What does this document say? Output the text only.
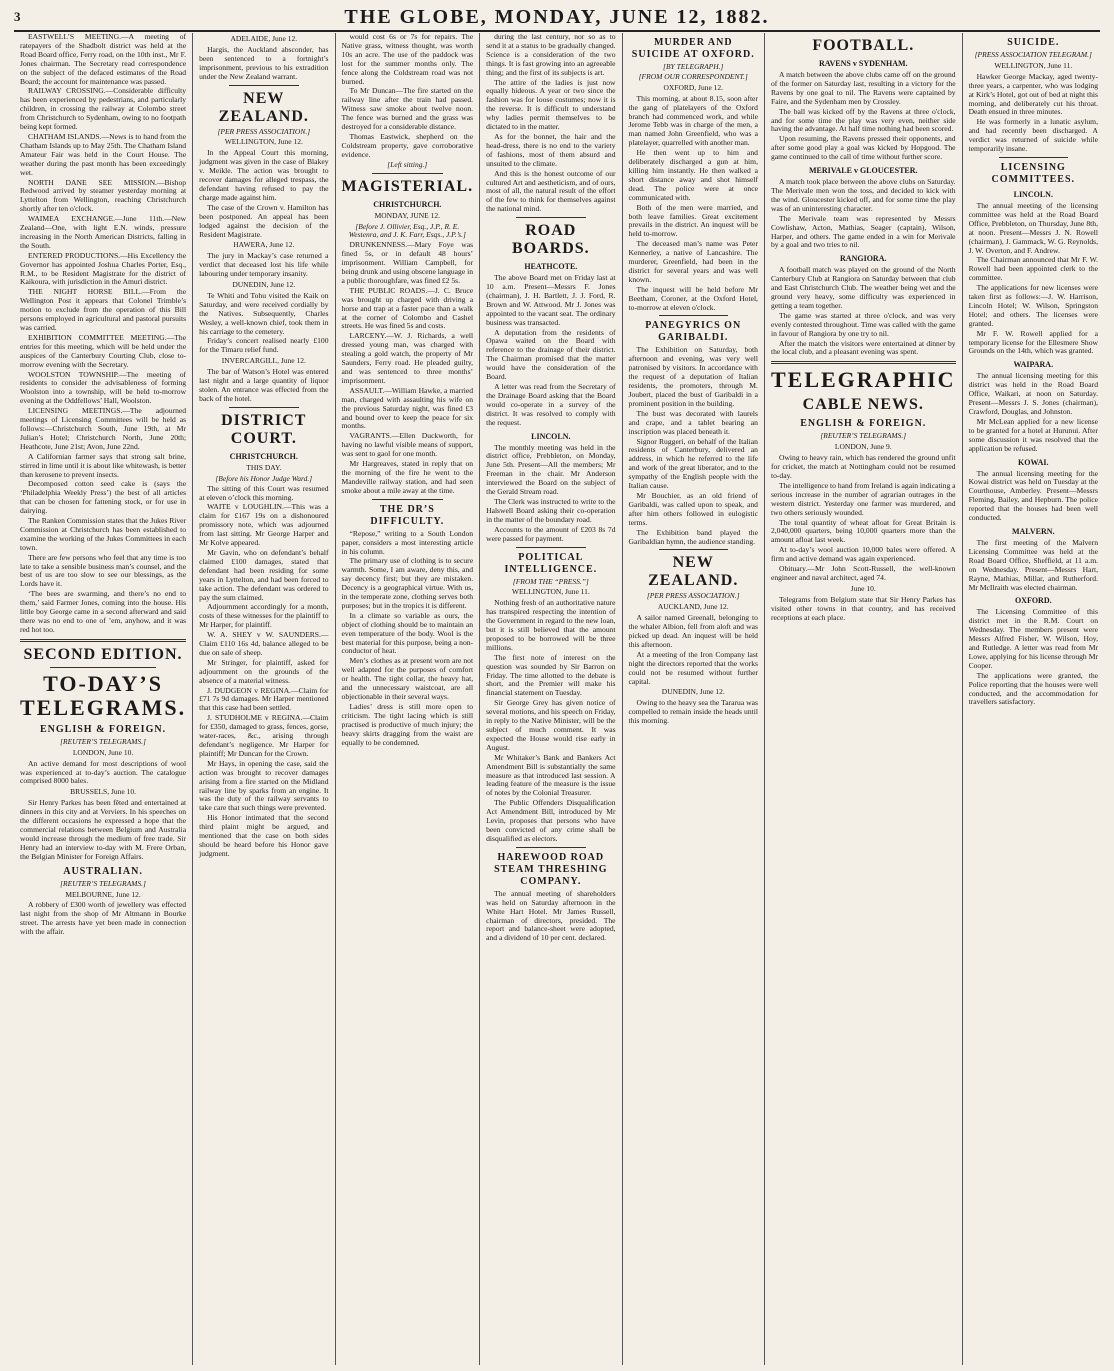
3	THE GLOBE, MONDAY, JUNE 12, 1882.

EASTWELL’S MEETING.—A meeting of ratepayers of the Shadbolt district was held at the Road Board office, Ferry road, on the 10th inst., Mr F. Jones chairman. The Secretary read correspondence on the subject of the defaced estimates of the Road Board; the account for maintenance was passed.

RAILWAY CROSSING.—Considerable difficulty has been experienced by pedestrians, and particularly children, in crossing the railway at Colombo street from Christchurch to Sydenham, owing to no footpath being kept formed.

CHATHAM ISLANDS.—News is to hand from the Chatham Islands up to May 25th. The Chatham Island Amateur Fair was held in the Court House. The weather during the past month has been exceedingly wet.

NORTH DANE SEE MISSION.—Bishop Redwood arrived by steamer yesterday morning at Lyttelton from Wellington, reaching Christchurch shortly after ten o'clock.

WAIMEA EXCHANGE.—June 11th.—New Zealand—One, with light E.N. winds, pressure increasing in the North American Districts, falling in the South.

ENTERED PRODUCTIONS.—His Excellency the Governor has appointed Joshua Charles Porter, Esq., R.M., to be Resident Magistrate for the district of Kaikoura, with jurisdiction in the Amuri district.

THE NIGHT HORSE BILL.—From the Wellington Post it appears that Colonel Trimble’s motion to exclude from the operation of this Bill persons employed in agricultural and pastoral pursuits was carried.

EXHIBITION COMMITTEE MEETING.—The entries for this meeting, which will be held under the auspices of the Canterbury Courting Club, close to-morrow evening with the Secretary.

WOOLSTON TOWNSHIP.—The meeting of residents to consider the advisableness of forming Woolston into a township, will be held to-morrow evening at the Oddfellows’ Hall, Woolston.

LICENSING MEETINGS.—The adjourned meetings of Licensing Committees will be held as follows:—Christchurch South, June 19th, at Mr Julian’s Hotel; Christchurch North, June 20th; Heathcote, June 21st; Avon, June 22nd.

A Californian farmer says that strong salt brine, stirred in lime until it is about like whitewash, is better than kerosene to prevent insects.

Decomposed cotton seed cake is (says the ‘Philadelphia Weekly Press’) the best of all articles that can be chosen for fattening stock, or for use in dairying.

The Ranken Commission states that the Jukes River Commission at Christchurch has been established to examine the working of the Jukes Committees in each town.

There are few persons who feel that any time is too late to take a sensible business man’s counsel, and the best of us are too slow to see our blessings, as the Lords have it.

‘The bees are swarming, and there’s no end to them,’ said Farmer Jones, coming into the house. His little boy George came in a second afterward and said there was no end to one of ’em, anyhow, and it was red hot too.

SECOND EDITION.
TO-DAY’S TELEGRAMS.
ENGLISH & FOREIGN.
[REUTER’S TELEGRAMS.]
LONDON, June 10.

An active demand for most descriptions of wool was experienced at to-day’s auction. The catalogue comprised 8000 bales.

BRUSSELS, June 10.

Sir Henry Parkes has been fêted and entertained at dinners in this city and at Verviers. In his speeches on the different occasions he expressed a hope that the commercial relations between Belgium and Australia would increase through the medium of free trade. Sir Henry had an interview to-day with M. Frere Orban, the Belgian Minister for Foreign Affairs.

AUSTRALIAN.
[REUTER’S TELEGRAMS.]
MELBOURNE, June 12.

A robbery of £300 worth of jewellery was effected last night from the shop of Mr Altmann in Bourke street. The arrests have yet been made in connection with the affair.

ADELAIDE, June 12.

Hargis, the Auckland absconder, has been sentenced to a fortnight’s imprisonment, previous to his extradition under the New Zealand warrant.

NEW ZEALAND.
[PER PRESS ASSOCIATION.]
WELLINGTON, June 12.

In the Appeal Court this morning, judgment was given in the case of Blakey v. Meikle. The action was brought to recover damages for alleged trespass, the defendant having refused to pay the charge made against him.

The case of the Crown v. Hamilton has been postponed. An appeal has been lodged against the decision of the Resident Magistrate.

HAWERA, June 12.

The jury in Mackay’s case returned a verdict that deceased lost his life while labouring under temporary insanity.

DUNEDIN, June 12.

Te Whiti and Tohu visited the Kaik on Saturday, and were received cordially by the Natives. Subsequently, Charles Wesley, a well-known chief, took them in his carriage to the cemetery.

Friday’s concert realised nearly £100 for the Timaru relief fund.

INVERCARGILL, June 12.

The bar of Watson’s Hotel was entered last night and a large quantity of liquor stolen. An entrance was effected from the back of the hotel.

DISTRICT COURT.
CHRISTCHURCH.
THIS DAY.
[Before his Honor Judge Ward.]

The sitting of this Court was resumed at eleven o’clock this morning.

WAITE v LOUGHLIN.—This was a claim for £167 19s on a dishonoured promissory note, which was adjourned from last sitting. Mr George Harper and Mr Kolve appeared.

Mr Gavin, who on defendant’s behalf claimed £100 damages, stated that defendant had been residing for some years in Lyttelton, and had been forced to take action. The defendant was ordered to pay the sum claimed.

Adjournment accordingly for a month, costs of these witnesses for the plaintiff to Mr Harper, for plaintiff.

W. A. SHEY v W. SAUNDERS.—Claim £110 16s 4d, balance alleged to be due on sale of sheep.

Mr Stringer, for plaintiff, asked for adjournment on the grounds of the absence of a material witness.

J. DUDGEON v REGINA.—Claim for £71 7s 9d damages. Mr Harper mentioned that this case had been settled.

J. STUDHOLME v REGINA.—Claim for £350, damaged to grass, fences, gorse, water-races, &c., arising through defendant’s negligence. Mr Harper for plaintiff; Mr Duncan for the Crown.

Mr Hays, in opening the case, said the action was brought to recover damages arising from a fire started on the Midland railway line by sparks from an engine. It was the duty of the railway servants to take care that such things were prevented.

His Honor intimated that the second third plaint might be argued, and mentioned that the case on both sides should be heard before his Honor gave judgment.

would cost 6s or 7s for repairs. The Native grass, witness thought, was worth 10s an acre. The use of the paddock was lost for the summer months only. The fence along the Coldstream road was not burned.

To Mr Duncan—The fire started on the railway line after the train had passed. Witness saw smoke about twelve noon. The fence was burned and the grass was destroyed for a considerable distance.

Thomas Eastwick, shepherd on the Coldstream property, gave corroborative evidence.

[Left sitting.]
MAGISTERIAL.
CHRISTCHURCH.
MONDAY, JUNE 12.
[Before J. Ollivier, Esq., J.P., R. E. Westenra, and J. K. Farr, Esqs., J.P.’s.]

DRUNKENNESS.—Mary Foye was fined 5s, or in default 48 hours’ imprisonment. William Campbell, for being drunk and using obscene language in a public thoroughfare, was fined £2 5s.

THE PUBLIC ROADS.—J. C. Bruce was brought up charged with driving a horse and trap at a faster pace than a walk at the corner of Colombo and Cashel streets. He was fined 5s and costs.

LARCENY.—W. J. Richards, a well dressed young man, was charged with stealing a gold watch, the property of Mr Saunders, Ferry road. He pleaded guilty, and was sentenced to three months’ imprisonment.

ASSAULT.—William Hawke, a married man, charged with assaulting his wife on the previous Saturday night, was fined £3 and bound over to keep the peace for six months.

VAGRANTS.—Ellen Duckworth, for having no lawful visible means of support, was sent to gaol for one month.

Mr Hargreaves, stated in reply that on the morning of the fire he went to the Mandeville railway station, and had seen smoke about a mile away at the time.

THE DR’S DIFFICULTY.

“Repose,” writing to a South London paper, considers a most interesting article in his column.

The primary use of clothing is to secure warmth. Some, I am aware, deny this, and say decency first; but they are mistaken. Decency is a geographical virtue. With us, in the temperate zone, clothing serves both purposes; but in the tropics it is different.

In a climate so variable as ours, the object of clothing should be to maintain an even temperature of the body. Wool is the best material for this purpose, being a non-conductor of heat.

Men’s clothes as at present worn are not well adapted for the purposes of comfort or health. The tight collar, the heavy hat, and the unnecessary waistcoat, are all objectionable in their several ways.

Ladies’ dress is still more open to criticism. The tight lacing which is still practised is productive of much injury; the heavy skirts dragging from the waist are equally to be condemned.

during the last century, nor so as to send it at a status to be gradually changed. Science is a consideration of the two things. It is fast growing into an agreeable thing; and the first of its subjects is art.

The attire of the ladies is just now equally hideous. A year or two since the fashion was for loose costumes; now it is the reverse. It is difficult to understand why ladies permit themselves to be dictated to in the matter.

As for the bonnet, the hair and the head-dress, there is no end to the variety of fashions, most of them absurd and unsuited to the climate.

And this is the honest outcome of our cultured Art and aestheticism, and of ours, most of all, the natural result of the effort of the few to think for themselves against the national mind.

ROAD BOARDS.
HEATHCOTE.

The above Board met on Friday last at 10 a.m. Present—Messrs F. Jones (chairman), J. H. Bartlett, J. J. Ford, R. Brown and W. Attwood. Mr J. Jones was appointed to the vacant seat. The ordinary business was transacted.

A deputation from the residents of Opawa waited on the Board with reference to the drainage of their district. The Chairman promised that the matter would have the consideration of the Board.

A letter was read from the Secretary of the Drainage Board asking that the Board would co-operate in a survey of the district. It was resolved to comply with the request.

LINCOLN.

The monthly meeting was held in the district office, Prebbleton, on Monday, June 5th. Present—All the members; Mr Freeman in the chair. Mr Anderson interviewed the Board on the subject of the Gerald Stream road.

The Clerk was instructed to write to the Halswell Board asking their co-operation in the matter of the boundary road.

Accounts to the amount of £203 8s 7d were passed for payment.

POLITICAL INTELLIGENCE.
[FROM THE “PRESS.”]
WELLINGTON, June 11.

Nothing fresh of an authoritative nature has transpired respecting the intention of the Government in regard to the new loan, but it is still believed that the amount proposed to be borrowed will be three millions.

The first note of interest on the question was sounded by Sir Barron on Friday. The time allotted to the debate is short, and the Premier will make his financial statement on Tuesday.

Sir George Grey has given notice of several motions, and his speech on Friday, in reply to the Native Minister, will be the subject of much comment. It was expected the House would rise early in August.

Mr Whitaker’s Bank and Bankers Act Amendment Bill is substantially the same measure as that introduced last session. A leading feature of the measure is the issue of notes by the Colonial Treasurer.

The Public Offenders Disqualification Act Amendment Bill, introduced by Mr Levin, proposes that persons who have been convicted of any crime shall be disqualified as electors.

HAREWOOD ROAD STEAM THRESHING COMPANY.

The annual meeting of shareholders was held on Saturday afternoon in the White Hart Hotel. Mr James Russell, chairman of directors, presided. The report and balance-sheet were adopted, and a dividend of 10 per cent. declared.

MURDER AND SUICIDE AT OXFORD.
[BY TELEGRAPH.]
[FROM OUR CORRESPONDENT.]
OXFORD, June 12.

This morning, at about 8.15, soon after the gang of platelayers of the Oxford branch had commenced work, and while Jerome Tebb was in charge of the men, a man named John Greenfield, who was a platelayer, quarrelled with another man.

He then went up to him and deliberately discharged a gun at him, killing him instantly. He then walked a short distance away and shot himself dead. The police were at once communicated with.

Both of the men were married, and both leave families. Great excitement prevails in the district. An inquest will be held to-morrow.

The deceased man’s name was Peter Kennerley, a native of Lancashire. The murderer, Greenfield, had been in the district for several years and was well known.

The inquest will be held before Mr Beetham, Coroner, at the Oxford Hotel, to-morrow at eleven o'clock.

PANEGYRICS ON GARIBALDI.

The Exhibition on Saturday, both afternoon and evening, was very well patronised by visitors. In accordance with the request of a deputation of Italian residents, the promoters, through M. Joubert, placed the bust of Garibaldi in a prominent position in the building.

The bust was decorated with laurels and crape, and a tablet bearing an inscription was placed beneath it.

Signor Ruggeri, on behalf of the Italian residents of Canterbury, delivered an address, in which he referred to the life and work of the great liberator, and to the sympathy of the English people with the Italian cause.

Mr Bouchier, as an old friend of Garibaldi, was called upon to speak, and after him others followed in eulogistic terms.

The Exhibition band played the Garibaldian hymn, the audience standing.

NEW ZEALAND.
[PER PRESS ASSOCIATION.]
AUCKLAND, June 12.

A sailor named Greenall, belonging to the whaler Albion, fell from aloft and was picked up dead. An inquest will be held this afternoon.

At a meeting of the Iron Company last night the directors reported that the works could not be resumed without further capital.

DUNEDIN, June 12.

Owing to the heavy sea the Tararua was compelled to remain inside the heads until this morning.

FOOTBALL.
RAVENS v SYDENHAM.

A match between the above clubs came off on the ground of the former on Saturday last, resulting in a victory for the Ravens by one goal to nil. The Ravens were captained by Faire, and the Sydenham men by Crossley.

The ball was kicked off by the Ravens at three o'clock, and for some time the play was very even, neither side having the advantage. At half time nothing had been scored.

Upon resuming, the Ravens pressed their opponents, and after some good play a goal was kicked by Hopgood. The game continued to the call of time without further score.

MERIVALE v GLOUCESTER.

A match took place between the above clubs on Saturday. The Merivale men won the toss, and decided to kick with the wind. Gloucester kicked off, and for some time the play was of an uninteresting character.

The Merivale team was represented by Messrs Cowlishaw, Acton, Mathias, Seager (captain), Wilson, Harper, and others. The game ended in a win for Merivale by a goal and two tries to nil.

RANGIORA.

A football match was played on the ground of the North Canterbury Club at Rangiora on Saturday between that club and East Christchurch Club. The weather being wet and the ground very heavy, some difficulty was experienced in getting a team together.

The game was started at three o'clock, and was very evenly contested throughout. Time was called with the game in favour of Rangiora by one try to nil.

After the match the visitors were entertained at dinner by the local club, and a pleasant evening was spent.

TELEGRAPHIC
CABLE NEWS.
ENGLISH & FOREIGN.
[REUTER’S TELEGRAMS.]
LONDON, June 9.

Owing to heavy rain, which has rendered the ground unfit for cricket, the match at Nottingham could not be resumed to-day.

The intelligence to hand from Ireland is again indicating a serious increase in the number of agrarian outrages in the western district. Yesterday one farmer was murdered, and two others seriously wounded.

The total quantity of wheat afloat for Great Britain is 2,040,000 quarters, being 10,000 quarters more than the amount afloat last week.

At to-day’s wool auction 10,000 bales were offered. A firm and active demand was again experienced.

Obituary.—Mr John Scott-Russell, the well-known engineer and naval architect, aged 74.

June 10.

Telegrams from Belgium state that Sir Henry Parkes has visited other towns in that country, and has received receptions at each place.

SUICIDE.
[PRESS ASSOCIATION TELEGRAM.]
WELLINGTON, June 11.

Hawker George Mackay, aged twenty-three years, a carpenter, who was lodging at Kirk’s Hotel, got out of bed at night this morning, and deliberately cut his throat. Death ensued in three minutes.

He was formerly in a lunatic asylum, and had recently been discharged. A verdict was returned of suicide while temporarily insane.

LICENSING COMMITTEES.
LINCOLN.

The annual meeting of the licensing committee was held at the Road Board Office, Prebbleton, on Thursday, June 8th, at noon. Present—Messrs J. N. Rowell (chairman), J. Gammack, W. G. Reynolds, J. W. Overton, and F. Andrew.

The Chairman announced that Mr F. W. Rowell had been appointed clerk to the committee.

The applications for new licenses were taken first as follows:—J. W. Harrison, Lincoln Hotel; W. Wilson, Springston Hotel; and others. The licenses were granted.

Mr F. W. Rowell applied for a temporary license for the Ellesmere Show Grounds on the 14th, which was granted.

WAIPARA.

The annual licensing meeting for this district was held in the Road Board Office, Waikari, at noon on Saturday. Present—Messrs J. S. Jones (chairman), Crawford, Douglas, and Johnston.

Mr McLean applied for a new license to be granted for a hotel at Hurunui. After some discussion it was resolved that the application be refused.

KOWAI.

The annual licensing meeting for the Kowai district was held on Tuesday at the Courthouse, Amberley. Present—Messrs Fleming, Bailey, and Hepburn. The police reported that the houses had been well conducted.

MALVERN.

The first meeting of the Malvern Licensing Committee was held at the Road Board Office, Sheffield, at 11 a.m. on Wednesday. Present—Messrs Hart, Rayne, Mathias, Millar, and Rutherford. Mr McIlraith was elected chairman.

OXFORD.

The Licensing Committee of this district met in the R.M. Court on Wednesday. The members present were Messrs Alfred Fisher, W. Wilson, Hoy, and Rutledge. A letter was read from Mr Lowe, applying for his license through Mr Cooper.

The applications were granted, the Police reporting that the houses were well conducted, and the accommodation for travellers satisfactory.
